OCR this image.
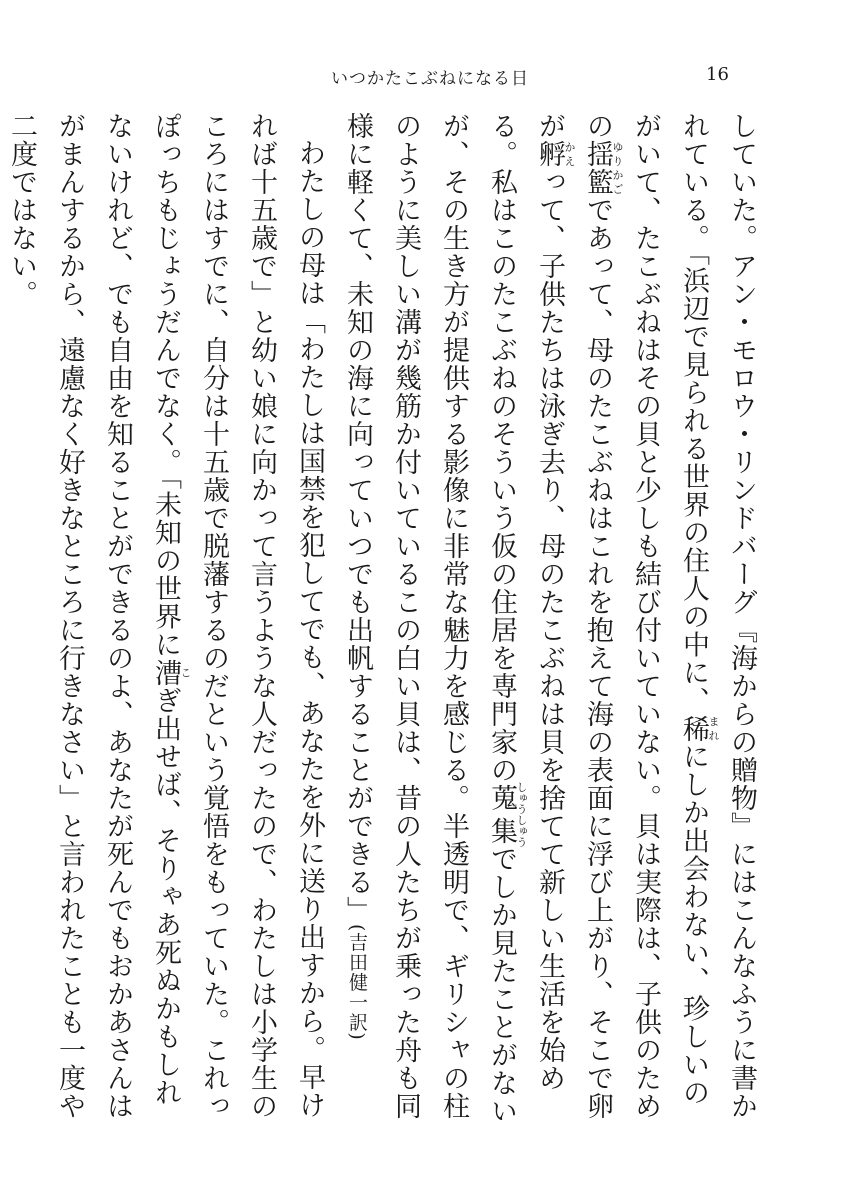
いつかたこぶねになる日	16

していた。アン・モロウ・リンドバーグ『海からの贈物』にはこんなふうに書かれている。「浜辺で見られる世界の住人の中に、稀まれにしか出会わない、珍しいのがいて、たこぶねはその貝と少しも結び付いていない。貝は実際は、子供のための揺籃ゆりかごであって、母のたこぶねはこれを抱えて海の表面に浮び上がり、そこで卵が孵かえって、子供たちは泳ぎ去り、母のたこぶねは貝を捨てて新しい生活を始める。私はこのたこぶねのそういう仮の住居を専門家の蒐集しゅうしゅうでしか見たことがないが、その生き方が提供する影像に非常な魅力を感じる。半透明で、ギリシャの柱のように美しい溝が幾筋か付いているこの白い貝は、昔の人たちが乗った舟も同様に軽くて、未知の海に向っていつでも出帆することができる」(吉田健一訳)

わたしの母は「わたしは国禁を犯してでも、あなたを外に送り出すから。早ければ十五歳で」と幼い娘に向かって言うような人だったので、わたしは小学生のころにはすでに、自分は十五歳で脱藩するのだという覚悟をもっていた。これっぽっちもじょうだんでなく。「未知の世界に漕こぎ出せば、そりゃあ死ぬかもしれないけれど、でも自由を知ることができるのよ、あなたが死んでもおかあさんはがまんするから、遠慮なく好きなところに行きなさい」と言われたことも一度や二度ではない。
